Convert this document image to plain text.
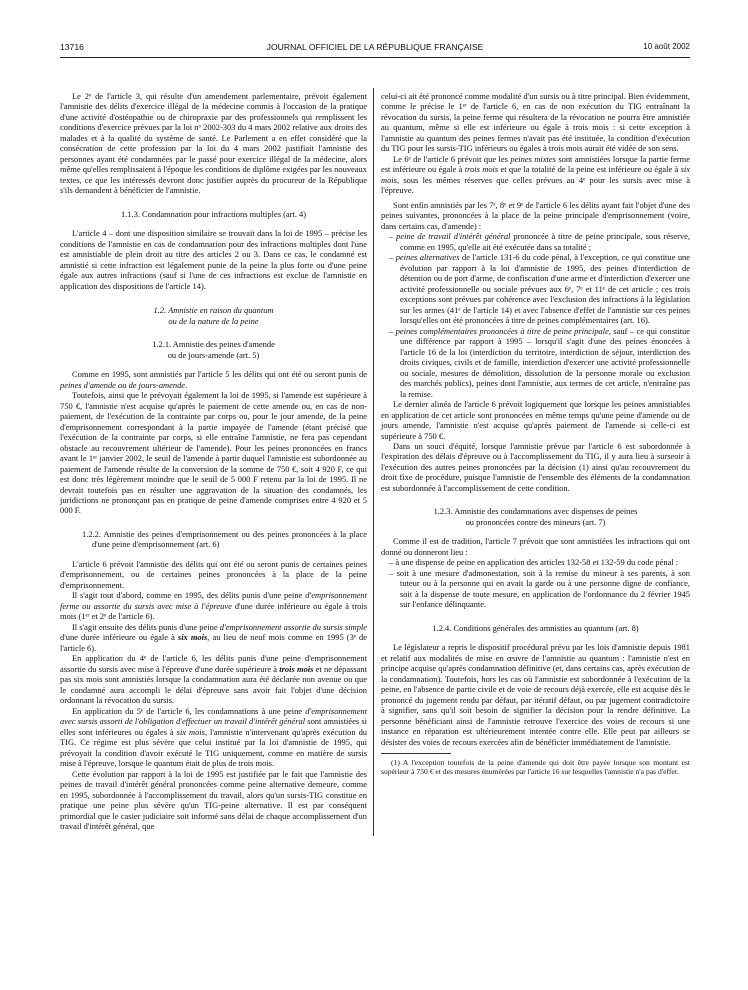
13716	JOURNAL OFFICIEL DE LA RÉPUBLIQUE FRANÇAISE	10 août 2002

Le 2ᵉ de l'article 3, qui résulte d'un amendement parlementaire, prévoit également l'amnistie des délits d'exercice illégal de la médecine commis à l'occasion de la pratique d'une activité d'ostéopathie ou de chiropraxie par des professionnels qui remplissent les conditions d'exercice prévues par la loi nᵒ 2002-303 du 4 mars 2002 relative aux droits des malades et à la qualité du système de santé. Le Parlement a en effet considéré que la consécration de cette profession par la loi du 4 mars 2002 justifiait l'amnistie des personnes ayant été condamnées par le passé pour exercice illégal de la médecine, alors même qu'elles remplissaient à l'époque les conditions de diplôme exigées par les nouveaux textes, ce que les intéressés devront donc justifier auprès du procureur de la République s'ils demandent à bénéficier de l'amnistie.

1.1.3. Condamnation pour infractions multiples (art. 4)

L'article 4 – dont une disposition similaire se trouvait dans la loi de 1995 – précise les conditions de l'amnistie en cas de condamnation pour des infractions multiples dont l'une est amnistiable de plein droit au titre des articles 2 ou 3. Dans ce cas, le condamné est amnistié si cette infraction est légalement punie de la peine la plus forte ou d'une peine égale aux autres infractions (sauf si l'une de ces infractions est exclue de l'amnistie en application des dispositions de l'article 14).

1.2. Amnistie en raison du quantum
ou de la nature de la peine

1.2.1. Amnistie des peines d'amende
ou de jours-amende (art. 5)

Comme en 1995, sont amnistiés par l'article 5 les délits qui ont été ou seront punis de peines d'amende ou de jours-amende.

Toutefois, ainsi que le prévoyait également la loi de 1995, si l'amende est supérieure à 750 €, l'amnistie n'est acquise qu'après le paiement de cette amende ou, en cas de non-paiement, de l'exécution de la contrainte par corps ou, pour le jour amende, de la peine d'emprisonnement correspondant à la partie impayée de l'amende (étant précisé que l'exécution de la contrainte par corps, si elle entraîne l'amnistie, ne fera pas cependant obstacle au recouvrement ultérieur de l'amende). Pour les peines prononcées en francs avant le 1ᵉʳ janvier 2002, le seuil de l'amende à partir duquel l'amnistie est subordonnée au paiement de l'amende résulte de la conversion de la somme de 750 €, soit 4 920 F, ce qui est donc très légèrement moindre que le seuil de 5 000 F retenu par la loi de 1995. Il ne devrait toutefois pas en résulter une aggravation de la situation des condamnés, les juridictions ne prononçant pas en pratique de peine d'amende comprises entre 4 920 et 5 000 F.

1.2.2. Amnistie des peines d'emprisonnement ou des peines prononcées à la place d'une peine d'emprisonnement (art. 6)

L'article 6 prévoit l'amnistie des délits qui ont été ou seront punis de certaines peines d'emprisonnement, ou de certaines peines prononcées à la place de la peine d'emprisonnement.

Il s'agit tout d'abord, comme en 1995, des délits punis d'une peine d'emprisonnement ferme ou assortie du sursis avec mise à l'épreuve d'une durée inférieure ou égale à trois mois (1ᵉʳ et 2ᵉ de l'article 6).

Il s'agit ensuite des délits punis d'une peine d'emprisonnement assortie du sursis simple d'une durée inférieure ou égale à six mois, au lieu de neuf mois comme en 1995 (3ᵉ de l'article 6).

En application du 4ᵉ de l'article 6, les délits punis d'une peine d'emprisonnement assortie du sursis avec mise à l'épreuve d'une durée supérieure à trois mois et ne dépassant pas six mois sont amnistiés lorsque la condamnation aura été déclarée non avenue ou que le condamné aura accompli le délai d'épreuve sans avoir fait l'objet d'une décision ordonnant la révocation du sursis.

En application du 5ᵉ de l'article 6, les condamnations à une peine d'emprisonnement avec sursis assorti de l'obligation d'effectuer un travail d'intérêt général sont amnistiées si elles sont inférieures ou égales à six mois, l'amnistie n'intervenant qu'après exécution du TIG. Ce régime est plus sévère que celui institué par la loi d'amnistie de 1995, qui prévoyait la condition d'avoir exécuté le TIG uniquement, comme en matière de sursis mise à l'épreuve, lorsque le quantum était de plus de trois mois.

Cette évolution par rapport à la loi de 1995 est justifiée par le fait que l'amnistie des peines de travail d'intérêt général prononcées comme peine alternative demeure, comme en 1995, subordonnée à l'accomplissement du travail, alors qu'un sursis-TIG constitue en pratique une peine plus sévère qu'un TIG-peine alternative. Il est par conséquent primordial que le casier judiciaire soit informé sans délai de chaque accomplissement d'un travail d'intérêt général, que

celui-ci ait été prononcé comme modalité d'un sursis ou à titre principal. Bien évidemment, comme le précise le 1ᵉʳ de l'article 6, en cas de non exécution du TIG entraînant la révocation du sursis, la peine ferme qui résultera de la révocation ne pourra être amnistiée au quantum, même si elle est inférieure ou égale à trois mois : si cette exception à l'amnistie au quantum des peines fermes n'avait pas été instituée, la condition d'exécution du TIG pour les sursis-TIG inférieurs ou égales à trois mois aurait été vidée de son sens.

Le 6ᵉ de l'article 6 prévoit que les peines mixtes sont amnistiées lorsque la partie ferme est inférieure ou égale à trois mois et que la totalité de la peine est inférieure ou égale à six mois, sous les mêmes réserves que celles prévues au 4ᵉ pour les sursis avec mise à l'épreuve.

Sont enfin amnistiés par les 7ᵉ, 8ᵉ et 9ᵉ de l'article 6 les délits ayant fait l'objet d'une des peines suivantes, prononcées à la place de la peine principale d'emprisonnement (voire, dans certains cas, d'amende) :

– peine de travail d'intérêt général prononcée à titre de peine principale, sous réserve, comme en 1995, qu'elle ait été exécutée dans sa totalité ;

– peines alternatives de l'article 131-6 du code pénal, à l'exception, ce qui constitue une évolution par rapport à la loi d'amnistie de 1995, des peines d'interdiction de détention ou de port d'arme, de confiscation d'une arme et d'interdiction d'exercer une activité professionnelle ou sociale prévues aux 6ᵉ, 7ᵉ et 11ᵉ de cet article ; ces trois exceptions sont prévues par cohérence avec l'exclusion des infractions à la législation sur les armes (41ᵉ de l'article 14) et avec l'absence d'effet de l'amnistie sur ces peines lorsqu'elles ont été prononcées à titre de peines complémentaires (art. 16).

– peines complémentaires prononcées à titre de peine principale, sauf – ce qui constitue une différence par rapport à 1995 – lorsqu'il s'agit d'une des peines énoncées à l'article 16 de la loi (interdiction du territoire, interdiction de séjour, interdiction des droits civiques, civils et de famille, interdiction d'exercer une activité professionnelle ou sociale, mesures de démolition, dissolution de la personne morale ou exclusion des marchés publics), peines dont l'amnistie, aux termes de cet article, n'entraîne pas la remise.

Le dernier alinéa de l'article 6 prévoit logiquement que lorsque les peines amnistiables en application de cet article sont prononcées en même temps qu'une peine d'amende ou de jours amende, l'amnistie n'est acquise qu'après paiement de l'amende si celle-ci est supérieure à 750 €.

Dans un souci d'équité, lorsque l'amnistie prévue par l'article 6 est subordonnée à l'expiration des délais d'épreuve ou à l'accomplissement du TIG, il y aura lieu à surseoir à l'exécution des autres peines prononcées par la décision (1) ainsi qu'au recouvrement du droit fixe de procédure, puisque l'amnistie de l'ensemble des éléments de la condamnation est subordonnée à l'accomplissement de cette condition.

1.2.3. Amnistie des condamnations avec dispenses de peines
ou prononcées contre des mineurs (art. 7)

Comme il est de tradition, l'article 7 prévoit que sont amnistiées les infractions qui ont donné ou donneront lieu :

– à une dispense de peine en application des articles 132-58 et 132-59 du code pénal :

– soit à une mesure d'admonestation, soit à la remise du mineur à ses parents, à son tuteur ou à la personne qui en avait la garde ou à une personne digne de confiance, soit à la dispense de toute mesure, en application de l'ordonnance du 2 février 1945 sur l'enfance délinquante.

1.2.4. Conditions générales des amnisties au quantum (art. 8)

Le législateur a repris le dispositif procédural prévu par les lois d'amnistie depuis 1981 et relatif aux modalités de mise en œuvre de l'amnistie au quantum : l'amnistie n'est en principe acquise qu'après condamnation définitive (et, dans certains cas, après exécution de la condamnation). Toutefois, hors les cas où l'amnistie est subordonnée à l'exécution de la peine, en l'absence de partie civile et de voie de recours déjà exercée, elle est acquise dès le prononcé du jugement rendu par défaut, par itératif défaut, ou par jugement contradictoire à signifier, sans qu'il soit besoin de signifier la décision pour la rendre définitive. La personne bénéficiant ainsi de l'amnistie retrouve l'exercice des voies de recours si une instance en réparation est ultérieurement intentée contre elle. Elle peut par ailleurs se désister des voies de recours exercées afin de bénéficier immédiatement de l'amnistie.

(1) A l'exception toutefois de la peine d'amende qui doit être payée lorsque son montant est supérieur à 750 € et des mesures énumérées par l'article 16 sur lesquelles l'amnistie n'a pas d'effet.
